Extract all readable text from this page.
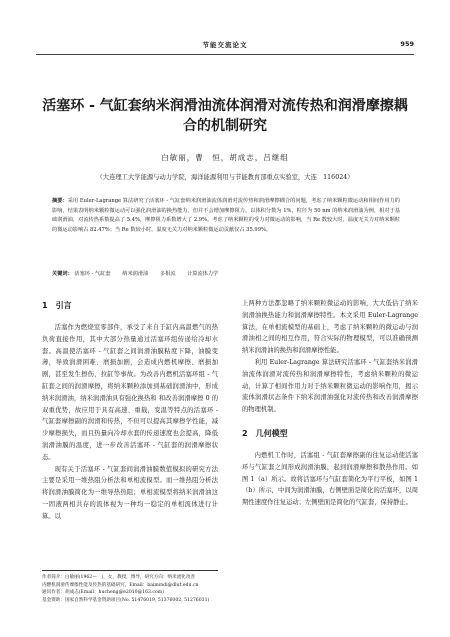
节能交流论文	959
活塞环 - 气缸套纳米润滑油流体润滑对流传热和润滑摩擦耦合的机制研究
白敏丽，曹　恒，胡成志，吕继组
（大连理工大学能源与动力学院，海洋能源利用与节能教育部重点实验室，大连　116024）
摘要：采用 Euler-Lagrange 算法研究了活塞环 - 气缸套纳米润滑油流体润滑对流传热和润滑摩擦耦合的问题，考虑了纳米颗粒微运动和相间作用力的影响，结果表明纳米颗粒微运动可以强化润滑油的换热能力，但并不会增加摩擦阻力。以体积分数为 1%，粒径为 50 nm 的纳米润滑油为例，相对于基础润滑油，对流传热系数提高了 5.4%，摩擦阻力系数增大了 2.9%。考虑了纳米颗粒的受力对微运动的影响，当 Re 数较大时，温度无关力对纳米颗粒的微运动影响占 82.47%；当 Re 数较小时，温度无关力对纳米颗粒微运动贡献仅占 35.99%。
关键词： 活塞环 - 气缸套 纳米润滑油 多相流 计算流体力学
1 引言

活塞作为燃烧室零部件，承受了来自于缸内高温燃气的热负荷直接作用，其中大部分热量通过活塞环组传递给冷却水套。高温使活塞环 - 气缸套之间润滑油膜粘度下降，油膜变薄，导致润滑困难、磨损加剧，会造成内燃机摩擦、磨损加剧，甚至发生擦伤，拉缸等事故。为改善内燃机活塞环组 - 气缸套之间的润滑摩擦，将纳米颗粒添加到基础润滑油中，形成纳米润滑油，纳米润滑油具有强化换热和 和改善润滑摩擦 0 的双重优势，故应用于具有高速、重载，变温等特点的活塞环 - 气缸套摩擦副的润滑和传热，不但可以提高其摩擦学性能，减少摩擦损失，而且热量向冷却水套的传递速度也会提高，降低润滑油膜的温度，进一步改善活塞环 - 气缸套的润滑摩擦状态。

现有关于活塞环 - 气缸套间润滑油膜数值模拟的研究方法主要是采用一维热阻分析法和单相流模型。而一维热阻分析法将润滑油膜简化为一维导热热阻；单相流模型将纳米润滑油这一固液两相共存的流体视为一种均一稳定的单相流体进行计算。以

上两种方法都忽略了纳米颗粒微运动的影响，大大低估了纳米润滑油换热能力和润滑摩擦特性。本文采用 Euler-Lagrange 算法，在单相流模型的基础上，考虑了纳米颗粒的微运动与润滑油相之间的相互作用，符合实际的物理模型，可以准确预测纳米润滑油的换热和润滑摩擦性能。

利用 Euler-Lagrange 算法研究活塞环 - 气缸套纳米润滑油流体润滑对流传热和润滑摩擦特性，考虑纳米颗粒的微运动，计算了相间作用力对于纳米颗粒微运动的影响作用，揭示流体润滑状态条件下纳米润滑油强化对流传热和改善润滑摩擦的物理机制。

2 几何模型

内燃机工作时，活塞组 - 气缸套摩擦副的往复运动使活塞环与气缸套之间形成润滑油膜，起到润滑摩擦和散热作用。如图 1（a）所示。故将活塞环与气缸套简化为平行平板，如图 1（b）所示，中间为润滑油膜，右侧壁面是简化的活塞环，以周期性速度作往复运动；左侧壁面是简化的气缸套，保持静止。

作者简介：白敏丽(1962—　)，女，教授，博导，研究方向：纳米流化改善
内燃机润滑传摩擦性能及传热的基础研究，Email：baimindi@dlut.edu.cn
通讯作者：胡成志(Email：hucheng@e2010@163.com)
基金资助：国家自然科学基金资助项目(No. 51476019, 51376002, 51276031)
